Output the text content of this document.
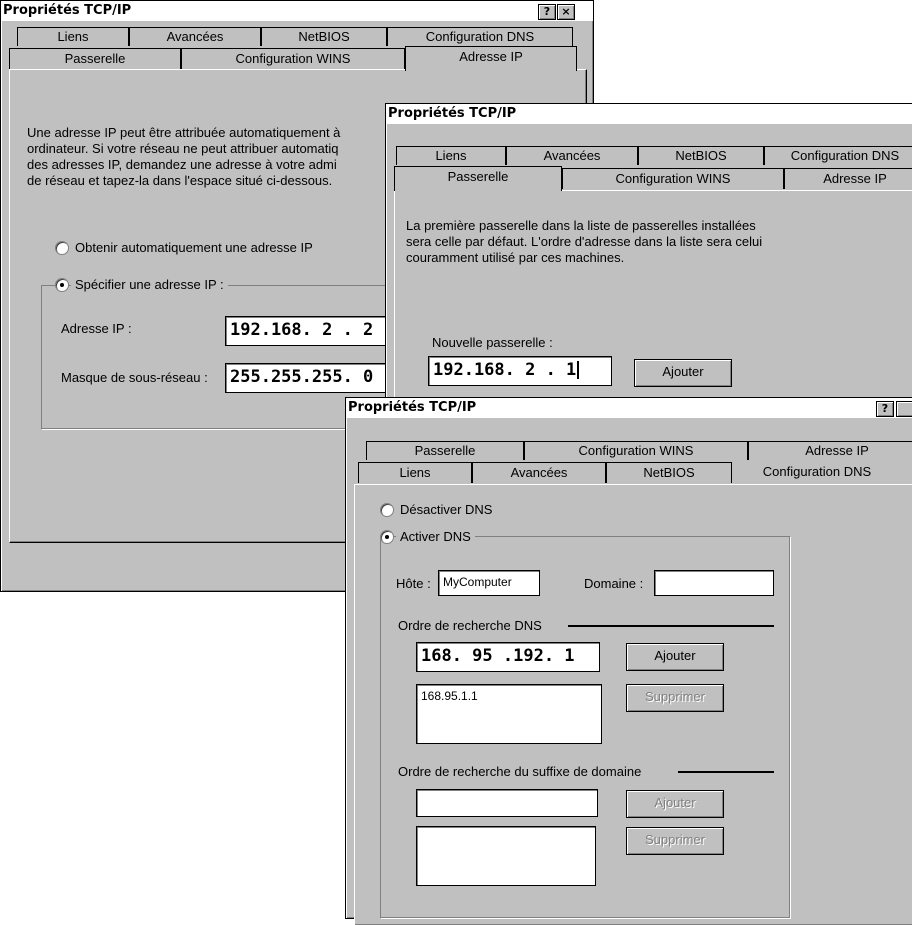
Propriétés TCP/IP	?	×
Liens	Avancées	NetBIOS	Configuration DNS
Passerelle	Configuration WINS	Adresse IP
Une adresse IP peut être attribuée automatiquement à
ordinateur. Si votre réseau ne peut attribuer automatiq
des adresses IP, demandez une adresse à votre admi
de réseau et tapez-la dans l'espace situé ci-dessous.
Obtenir automatiquement une adresse IP
Spécifier une adresse IP :
Adresse IP :	192.168. 2 . 2
Masque de sous-réseau : 255.255.255. 0
Propriétés TCP/IP
Liens	Avancées	NetBIOS	Configuration DNS
Passerelle	Configuration WINS	Adresse IP
La première passerelle dans la liste de passerelles installées
sera celle par défaut. L'ordre d'adresse dans la liste sera celui
couramment utilisé par ces machines.
Nouvelle passerelle :
192.168. 2 . 1	Ajouter
Propriétés TCP/IP	?
Passerelle	Configuration WINS	Adresse IP
Liens	Avancées	NetBIOS	Configuration DNS
Désactiver DNS
Activer DNS
Hôte :	MyComputer	Domaine :
Ordre de recherche DNS
168. 95 .192. 1	Ajouter
168.95.1.1	Supprimer
Ordre de recherche du suffixe de domaine
Ajouter
Supprimer
